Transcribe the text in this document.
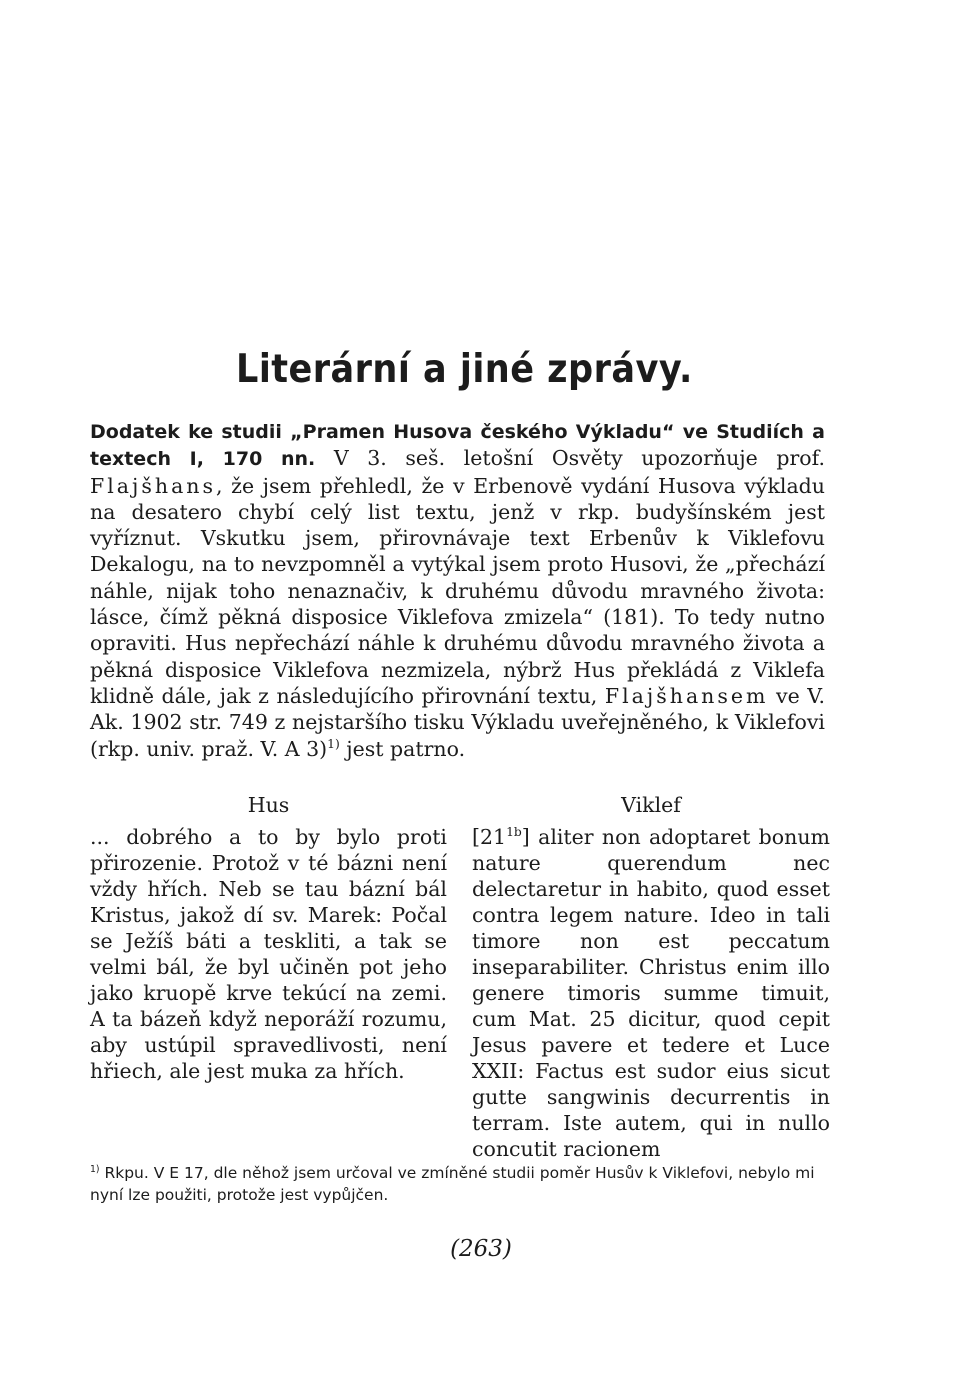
Literární a jiné zprávy.

Dodatek ke studii „Pramen Husova českého Výkladu“ ve Studiích a textech I, 170 nn. V 3. seš. letošní Osvěty upozorňuje prof. Flajšhans, že jsem přehledl, že v Erbenově vydání Husova výkladu na desatero chybí celý list textu, jenž v rkp. budyšínském jest vyříznut. Vskutku jsem, přirovnávaje text Erbenův k Viklefovu Dekalogu, na to nevzpomněl a vytýkal jsem proto Husovi, že „přechází náhle, nijak toho nenaznačiv, k druhému důvodu mravného života: lásce, čímž pěkná disposice Viklefova zmizela“ (181). To tedy nutno opraviti. Hus nepřechází náhle k druhému důvodu mravného života a pěkná disposice Viklefova nezmizela, nýbrž Hus překládá z Viklefa klidně dále, jak z následujícího přirovnání textu, Flajšhansem ve V. Ak. 1902 str. 749 z nejstaršího tisku Výkladu uveřejněného, k Viklefovi (rkp. univ. praž. V. A 3)$^{1)}$ jest patrno.

Hus

... dobrého a to by bylo proti přirozenie. Protož v té bázni není vždy hřích. Neb se tau bázní bál Kristus, jakož dí sv. Marek: Počal se Ježíš báti a teskliti, a tak se velmi bál, že byl učiněn pot jeho jako kruopě krve tekúcí na zemi. A ta bázeň když neporáží rozumu, aby ustúpil spravedlivosti, není hřiech, ale jest muka za hřích.

Viklef

$[21^{1b}]$ aliter non adoptaret bonum nature querendum nec delectaretur in habito, quod esset contra legem nature. Ideo in tali timore non est peccatum inseparabiliter. Christus enim illo genere timoris summe timuit, cum Mat. 25 dicitur, quod cepit Jesus pavere et tedere et Luce XXII: Factus est sudor eius sicut gutte sangwinis decurrentis in terram. Iste autem, qui in nullo concutit racionem

$^{1)}$ Rkpu. V E 17, dle něhož jsem určoval ve zmíněné studii poměr Husův k Viklefovi, nebylo mi nyní lze použiti, protože jest vypůjčen.

(263)
